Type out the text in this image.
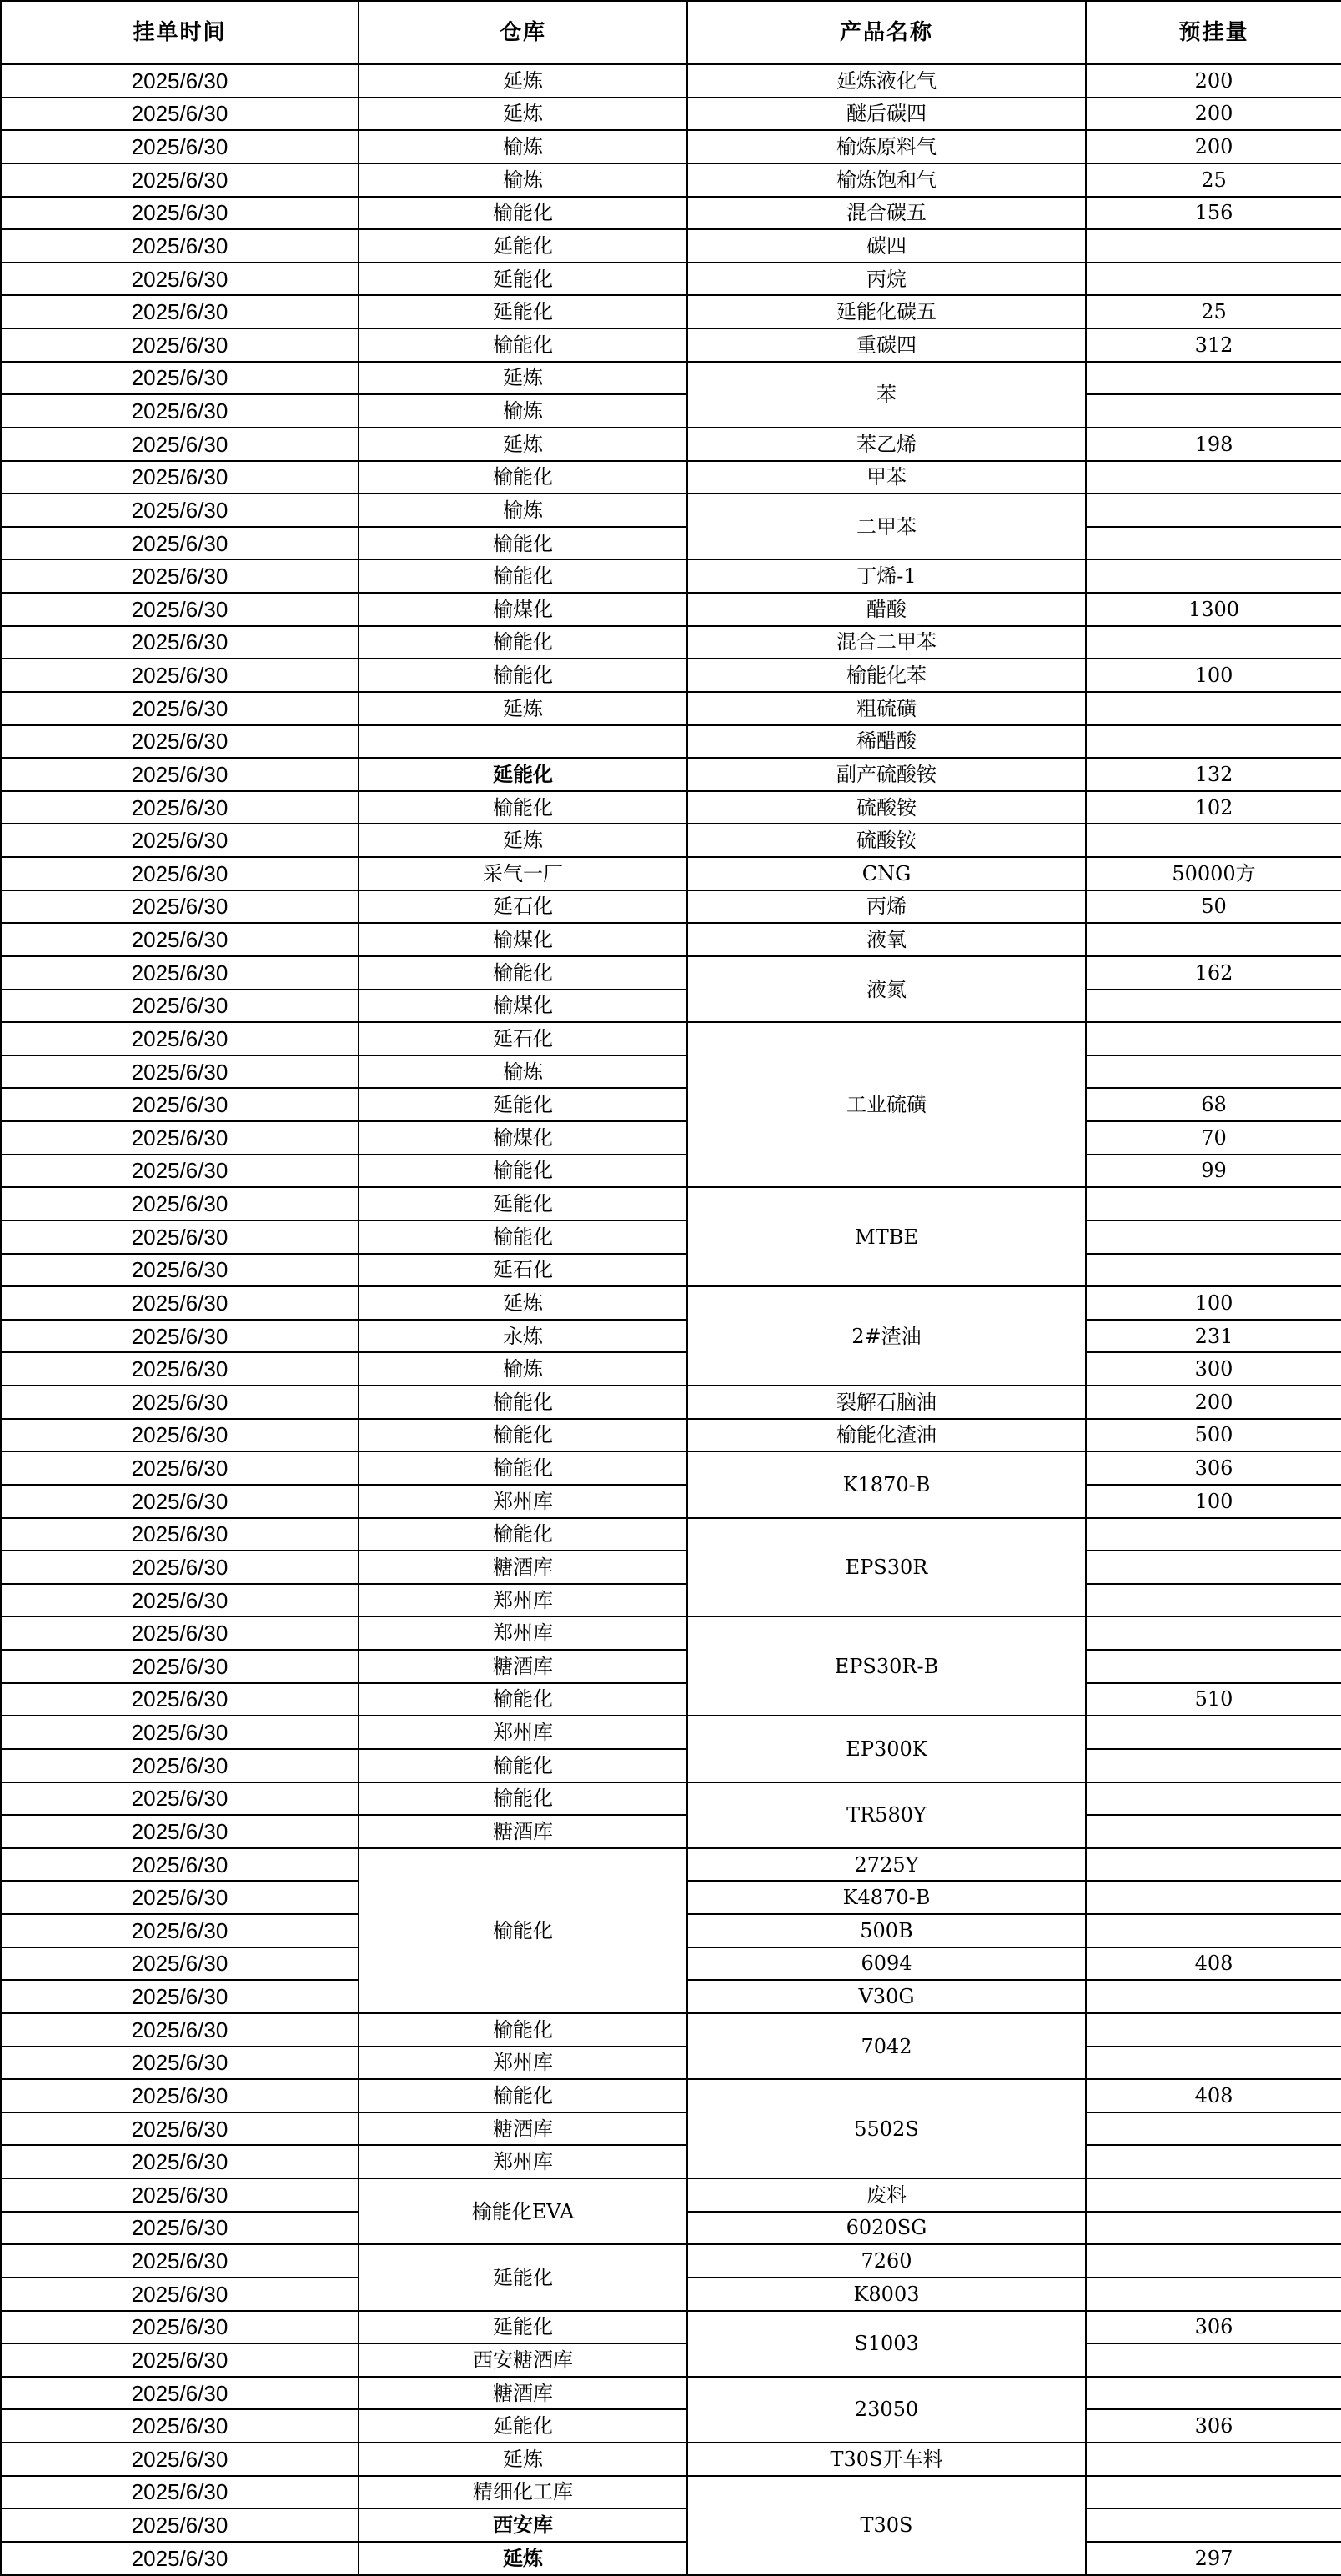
挂单时间	仓库	产品名称	预挂量
2025/6/30	延炼	延炼液化气	200
2025/6/30	延炼	醚后碳四	200
2025/6/30	榆炼	榆炼原料气	200
2025/6/30	榆炼	榆炼饱和气	25
2025/6/30	榆能化	混合碳五	156
2025/6/30	延能化	碳四	
2025/6/30	延能化	丙烷	
2025/6/30	延能化	延能化碳五	25
2025/6/30	榆能化	重碳四	312
2025/6/30	延炼	苯	
2025/6/30	榆炼		
2025/6/30	延炼	苯乙烯	198
2025/6/30	榆能化	甲苯	
2025/6/30	榆炼	二甲苯	
2025/6/30	榆能化		
2025/6/30	榆能化	丁烯-1	
2025/6/30	榆煤化	醋酸	1300
2025/6/30	榆能化	混合二甲苯	
2025/6/30	榆能化	榆能化苯	100
2025/6/30	延炼	粗硫磺	
2025/6/30		稀醋酸	
2025/6/30	延能化	副产硫酸铵	132
2025/6/30	榆能化	硫酸铵	102
2025/6/30	延炼	硫酸铵	
2025/6/30	采气一厂	CNG	50000方
2025/6/30	延石化	丙烯	50
2025/6/30	榆煤化	液氧	
2025/6/30	榆能化	液氮	162
2025/6/30	榆煤化		
2025/6/30	延石化	工业硫磺	
2025/6/30	榆炼		
2025/6/30	延能化		68
2025/6/30	榆煤化		70
2025/6/30	榆能化		99
2025/6/30	延能化	MTBE	
2025/6/30	榆能化		
2025/6/30	延石化		
2025/6/30	延炼	2#渣油	100
2025/6/30	永炼		231
2025/6/30	榆炼		300
2025/6/30	榆能化	裂解石脑油	200
2025/6/30	榆能化	榆能化渣油	500
2025/6/30	榆能化	K1870-B	306
2025/6/30	郑州库		100
2025/6/30	榆能化	EPS30R	
2025/6/30	糖酒库		
2025/6/30	郑州库		
2025/6/30	郑州库	EPS30R-B	
2025/6/30	糖酒库		
2025/6/30	榆能化		510
2025/6/30	郑州库	EP300K	
2025/6/30	榆能化		
2025/6/30	榆能化	TR580Y	
2025/6/30	糖酒库		
2025/6/30	榆能化	2725Y	
2025/6/30		K4870-B	
2025/6/30		500B	
2025/6/30		6094	408
2025/6/30		V30G	
2025/6/30	榆能化	7042	
2025/6/30	郑州库		
2025/6/30	榆能化	5502S	408
2025/6/30	糖酒库		
2025/6/30	郑州库		
2025/6/30	榆能化EVA	废料	
2025/6/30		6020SG	
2025/6/30	延能化	7260	
2025/6/30		K8003	
2025/6/30	延能化	S1003	306
2025/6/30	西安糖酒库		
2025/6/30	糖酒库	23050	
2025/6/30	延能化		306
2025/6/30	延炼	T30S开车料	
2025/6/30	精细化工库	T30S	
2025/6/30	西安库		
2025/6/30	延炼		297
